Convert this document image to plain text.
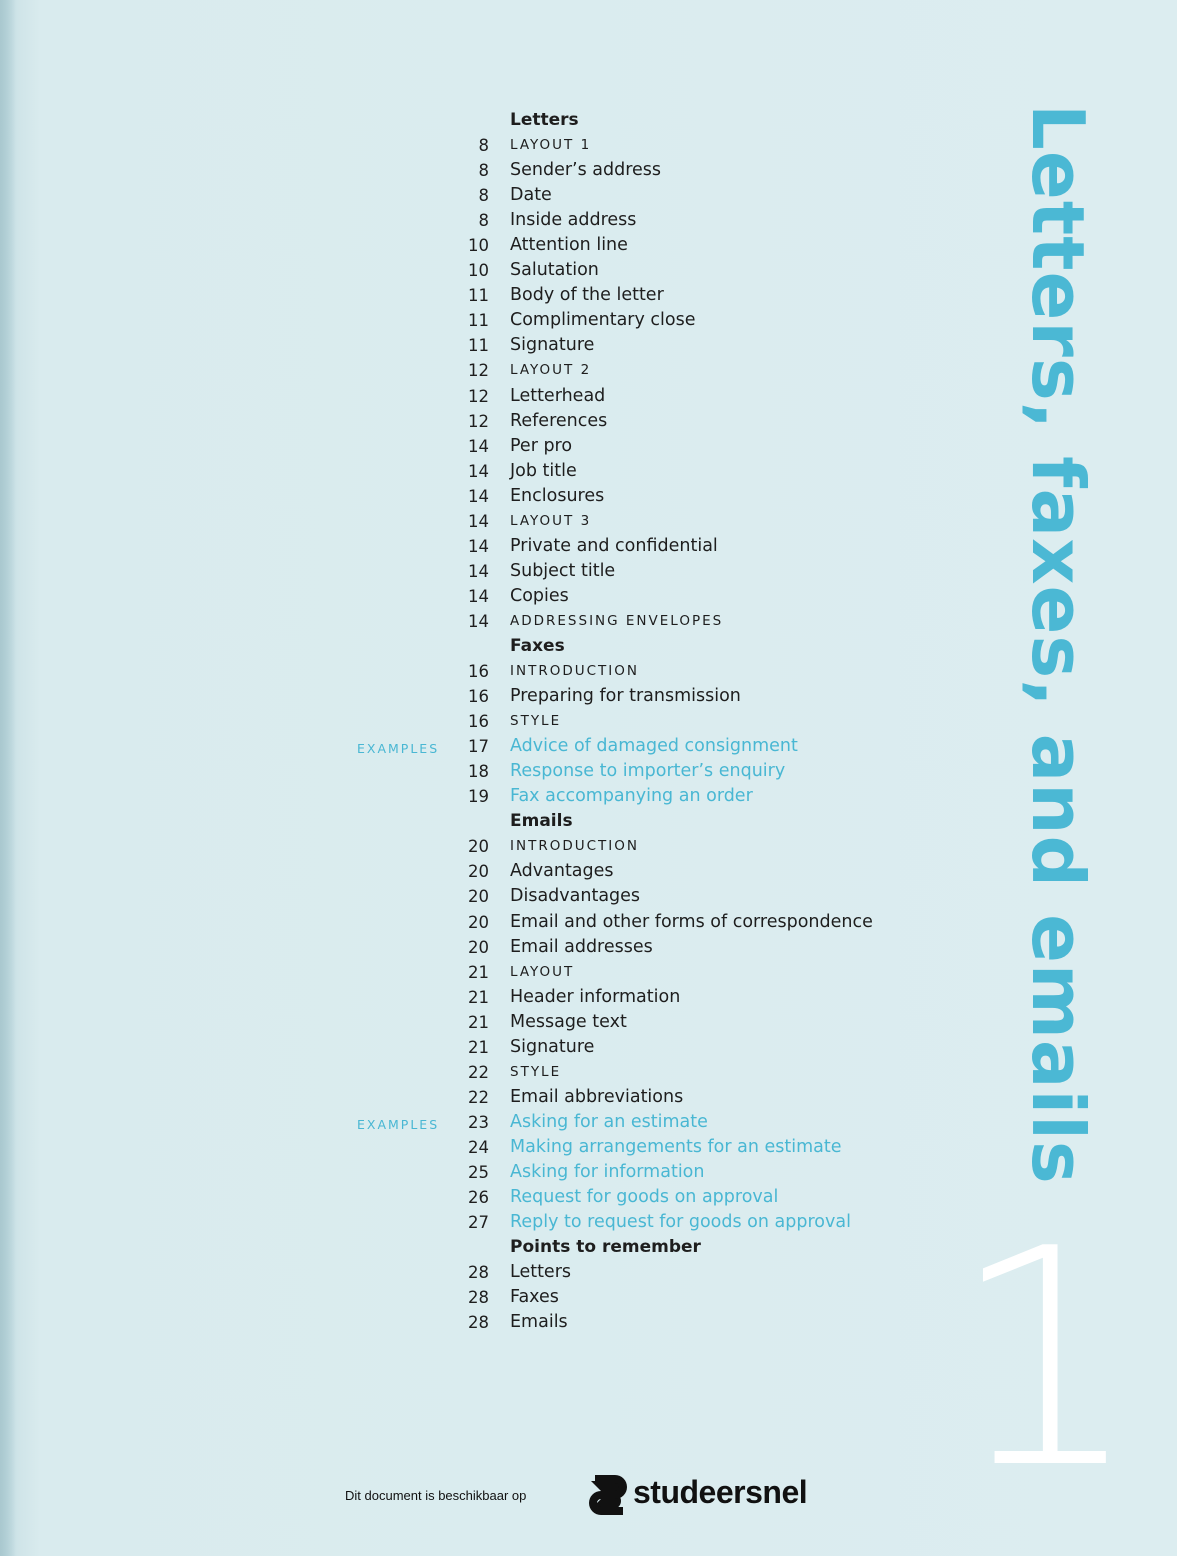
Letters
8 LAYOUT 1
8 Sender’s address
8 Date
8 Inside address
10 Attention line
10 Salutation
11 Body of the letter
11 Complimentary close
11 Signature
12 LAYOUT 2
12 Letterhead
12 References
14 Per pro
14 Job title
14 Enclosures
14 LAYOUT 3
14 Private and confidential
14 Subject title
14 Copies
14 ADDRESSING ENVELOPES
Faxes
16 INTRODUCTION
16 Preparing for transmission
16 STYLE
EXAMPLES 17 Advice of damaged consignment
18 Response to importer’s enquiry
19 Fax accompanying an order
Emails
20 INTRODUCTION
20 Advantages
20 Disadvantages
20 Email and other forms of correspondence
20 Email addresses
21 LAYOUT
21 Header information
21 Message text
21 Signature
22 STYLE
22 Email abbreviations
EXAMPLES 23 Asking for an estimate
24 Making arrangements for an estimate
25 Asking for information
26 Request for goods on approval
27 Reply to request for goods on approval
Points to remember
28 Letters
28 Faxes
28 Emails
Letters, faxes, and emails
1
Dit document is beschikbaar op	studeersnel
